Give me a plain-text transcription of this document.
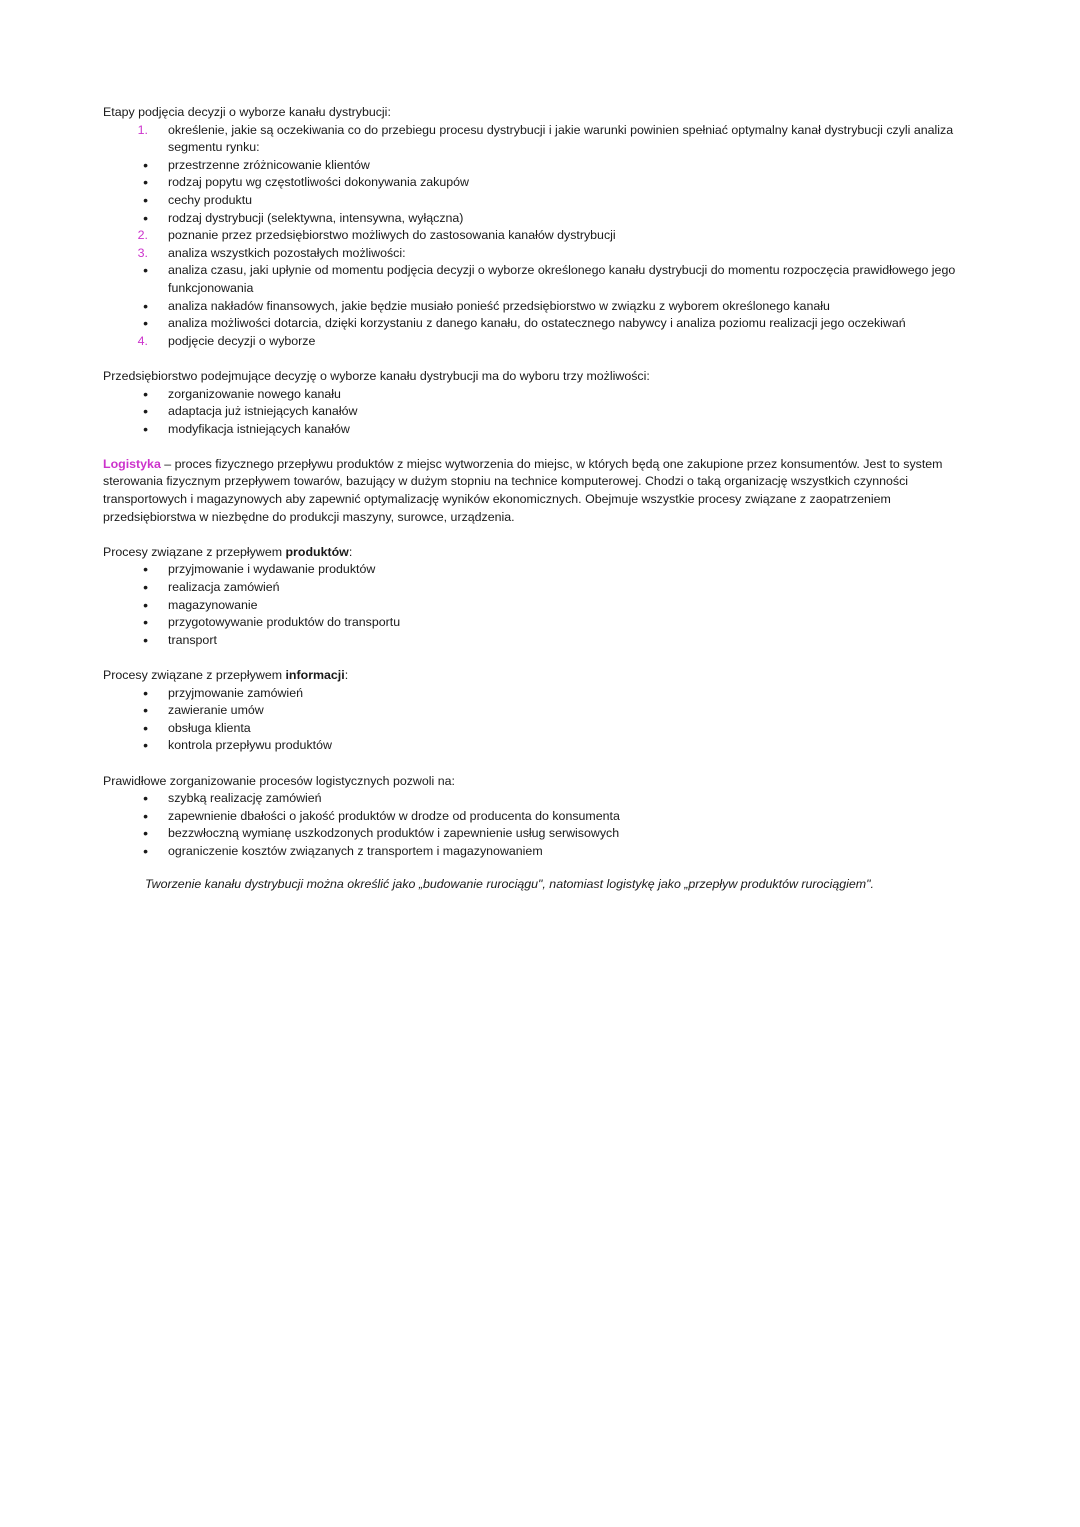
Etapy podjęcia decyzji o wyborze kanału dystrybucji:
1. określenie, jakie są oczekiwania co do przebiegu procesu dystrybucji i jakie warunki powinien spełniać optymalny kanał dystrybucji czyli analiza segmentu rynku:
• przestrzenne zróżnicowanie klientów
• rodzaj popytu wg częstotliwości dokonywania zakupów
• cechy produktu
• rodzaj dystrybucji (selektywna, intensywna, wyłączna)
2. poznanie przez przedsiębiorstwo możliwych do zastosowania kanałów dystrybucji
3. analiza wszystkich pozostałych możliwości:
• analiza czasu, jaki upłynie od momentu podjęcia decyzji o wyborze określonego kanału dystrybucji do momentu rozpoczęcia prawidłowego jego funkcjonowania
• analiza nakładów finansowych, jakie będzie musiało ponieść przedsiębiorstwo w związku z wyborem określonego kanału
• analiza możliwości dotarcia, dzięki korzystaniu z danego kanału, do ostatecznego nabywcy i analiza poziomu realizacji jego oczekiwań
4. podjęcie decyzji o wyborze
Przedsiębiorstwo podejmujące decyzję o wyborze kanału dystrybucji ma do wyboru trzy możliwości:
• zorganizowanie nowego kanału
• adaptacja już istniejących kanałów
• modyfikacja istniejących kanałów
Logistyka – proces fizycznego przepływu produktów z miejsc wytworzenia do miejsc, w których będą one zakupione przez konsumentów. Jest to system sterowania fizycznym przepływem towarów, bazujący w dużym stopniu na technice komputerowej. Chodzi o taką organizację wszystkich czynności transportowych i magazynowych aby zapewnić optymalizację wyników ekonomicznych. Obejmuje wszystkie procesy związane z zaopatrzeniem przedsiębiorstwa w niezbędne do produkcji maszyny, surowce, urządzenia.
Procesy związane z przepływem produktów:
• przyjmowanie i wydawanie produktów
• realizacja zamówień
• magazynowanie
• przygotowywanie produktów do transportu
• transport
Procesy związane z przepływem informacji:
• przyjmowanie zamówień
• zawieranie umów
• obsługa klienta
• kontrola przepływu produktów
Prawidłowe zorganizowanie procesów logistycznych pozwoli na:
• szybką realizację zamówień
• zapewnienie dbałości o jakość produktów w drodze od producenta do konsumenta
• bezzwłoczną wymianę uszkodzonych produktów i zapewnienie usług serwisowych
• ograniczenie kosztów związanych z transportem i magazynowaniem
Tworzenie kanału dystrybucji można określić jako „budowanie rurociągu", natomiast logistykę jako „przepływ produktów rurociągiem".
